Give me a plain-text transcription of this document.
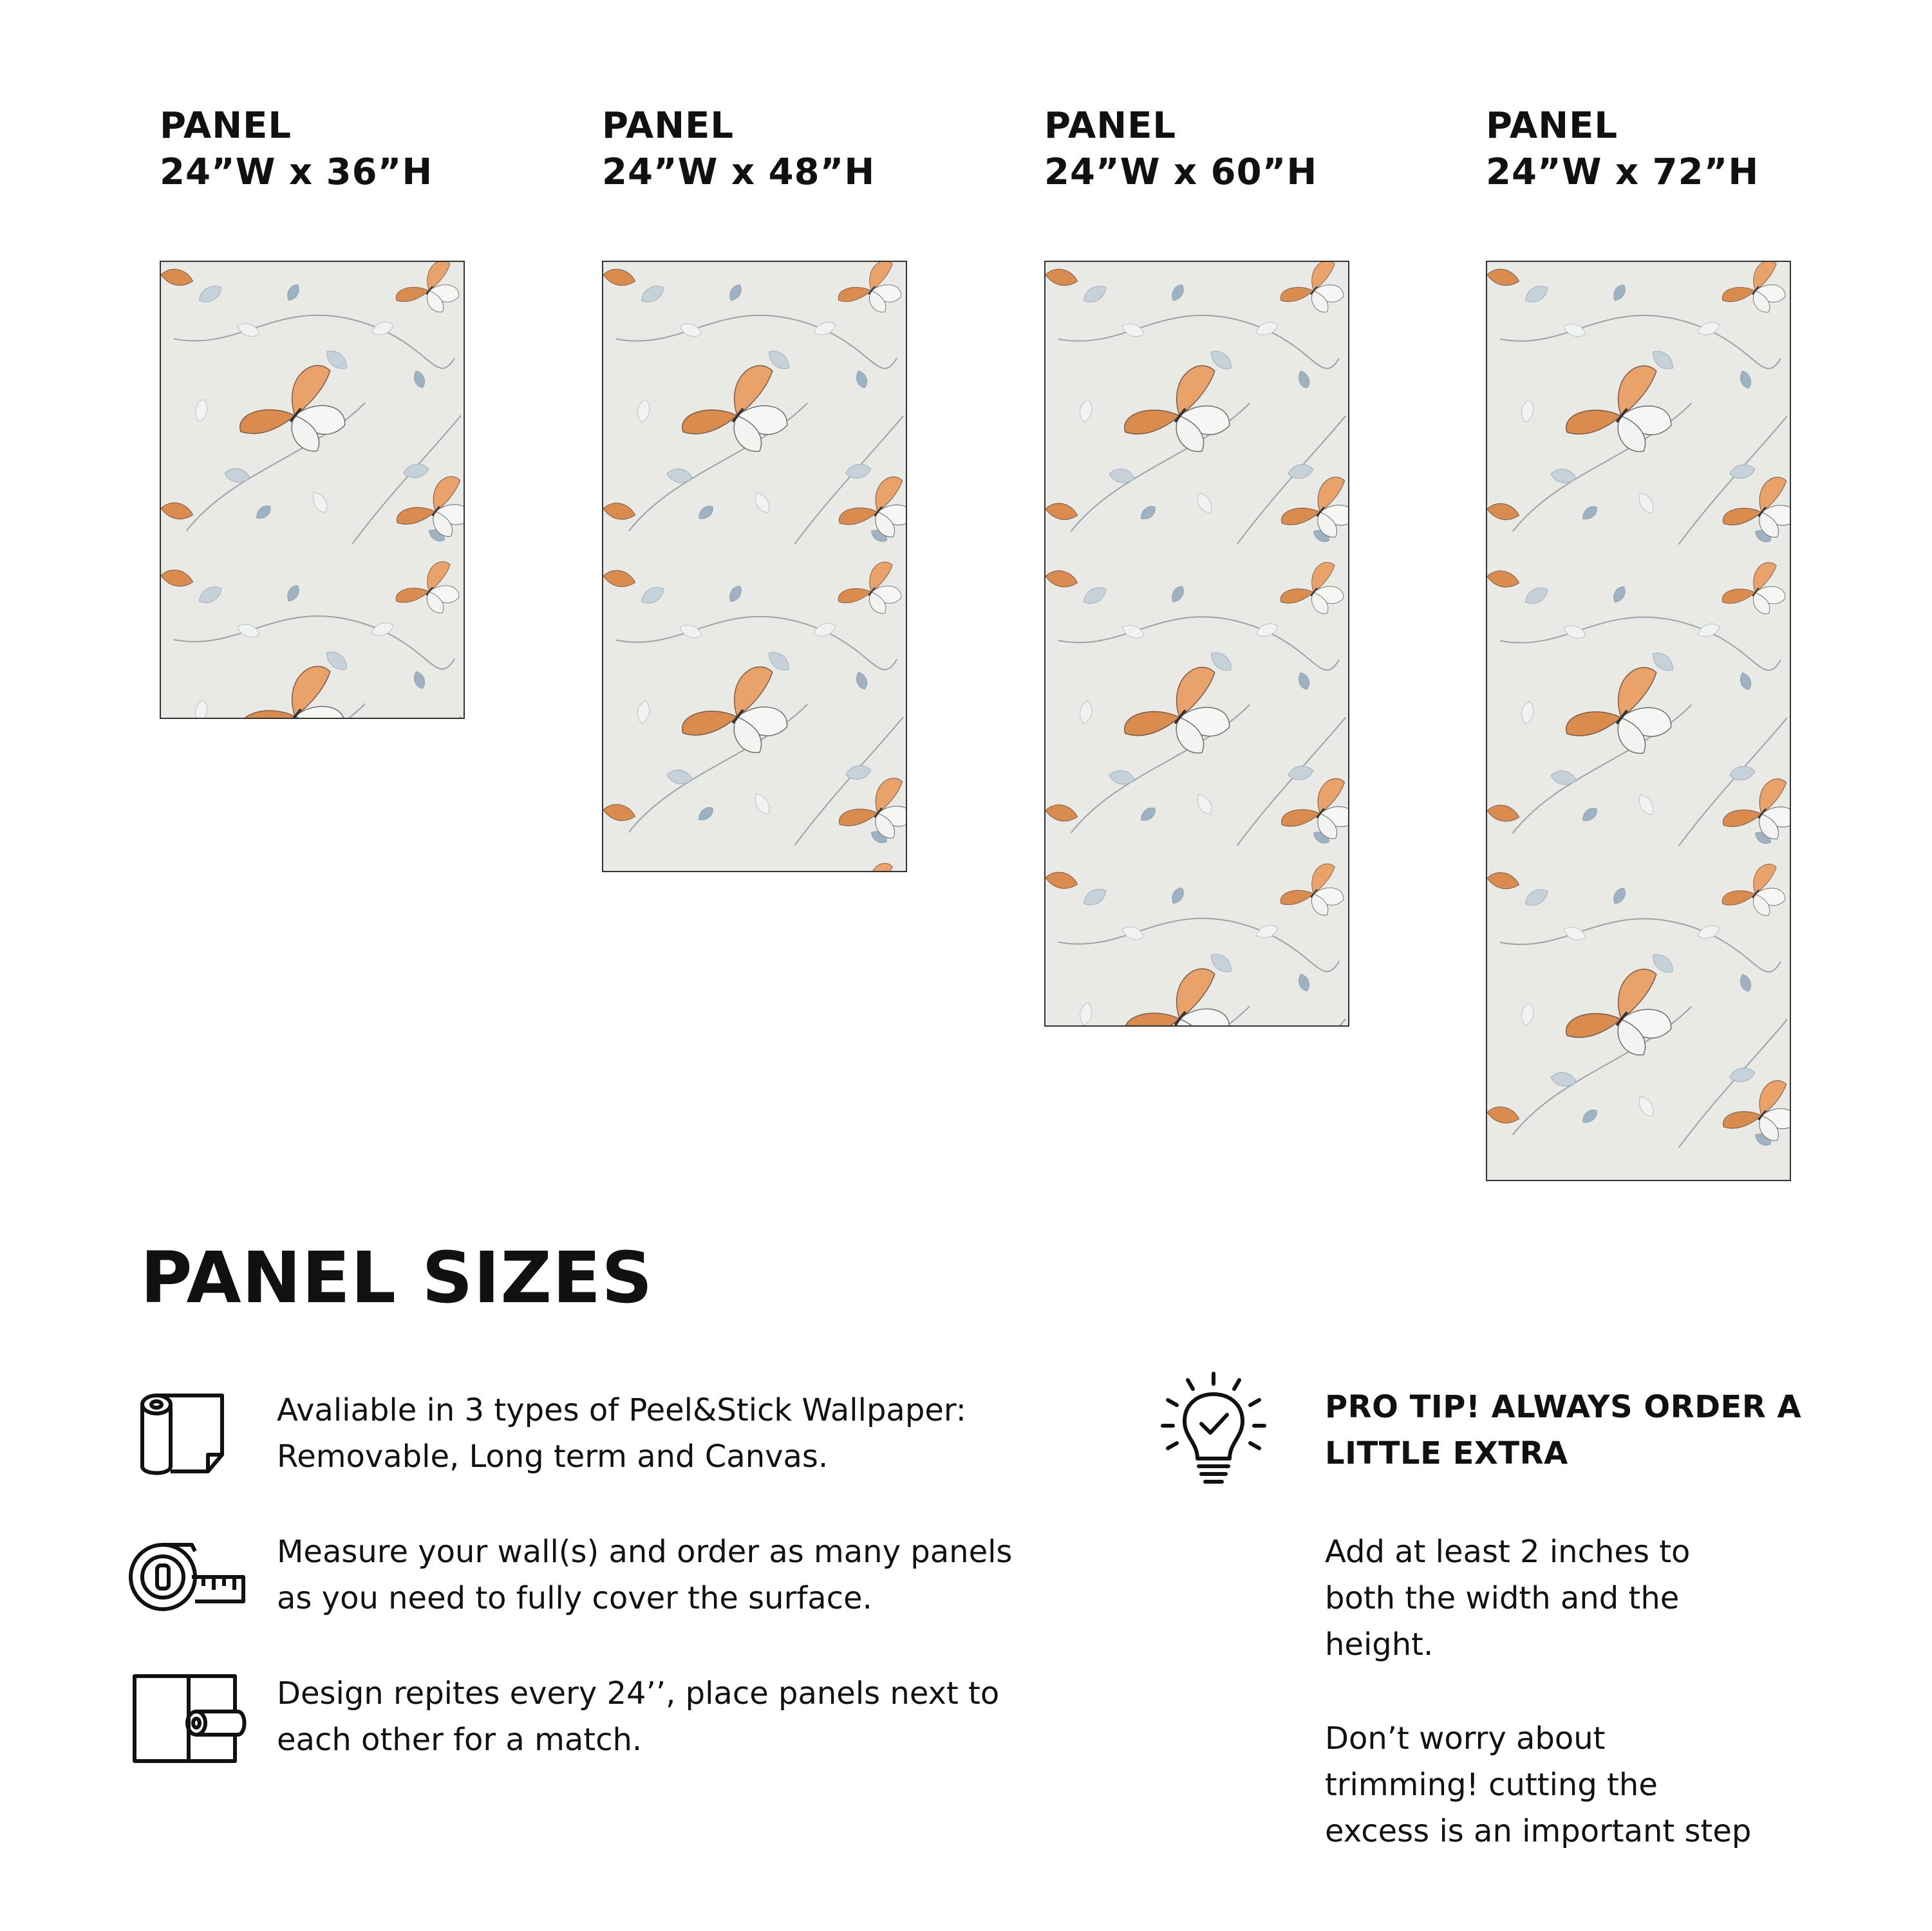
PANEL

24”W x 36”H

PANEL

24”W x 48”H

PANEL

24”W x 60”H

PANEL

24”W x 72”H

PANEL SIZES

Avaliable in 3 types of Peel&Stick Wallpaper:
Removable, Long term and Canvas.

Measure your wall(s) and order as many panels
as you need to fully cover the surface.

Design repites every 24’’, place panels next to
each other for a match.

PRO TIP! ALWAYS ORDER A
LITTLE EXTRA

Add at least 2 inches to
both the width and the
height.

Don’t worry about
trimming! cutting the
excess is an important step
